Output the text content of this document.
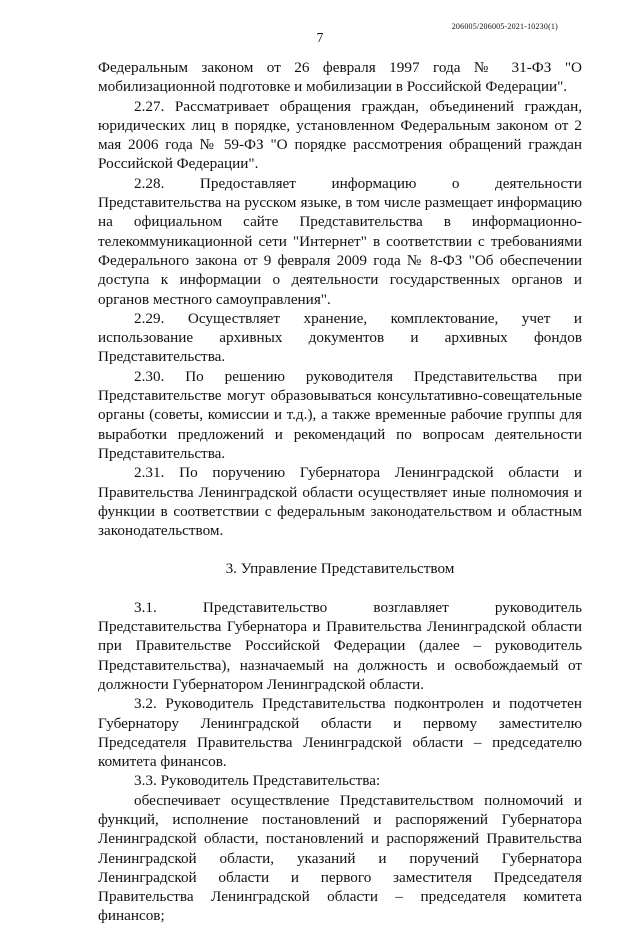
206005/206005-2021-10230(1)
7

Федеральным законом от 26 февраля 1997 года № 31-ФЗ "О мобилизационной подготовке и мобилизации в Российской Федерации".

2.27. Рассматривает обращения граждан, объединений граждан, юридических лиц в порядке, установленном Федеральным законом от 2 мая 2006 года № 59-ФЗ "О порядке рассмотрения обращений граждан Российской Федерации".

2.28. Предоставляет информацию о деятельности Представительства на русском языке, в том числе размещает информацию на официальном сайте Представительства в информационно-телекоммуникационной сети "Интернет" в соответствии с требованиями Федерального закона от 9 февраля 2009 года № 8-ФЗ "Об обеспечении доступа к информации о деятельности государственных органов и органов местного самоуправления".

2.29. Осуществляет хранение, комплектование, учет и использование архивных документов и архивных фондов Представительства.

2.30. По решению руководителя Представительства при Представительстве могут образовываться консультативно-совещательные органы (советы, комиссии и т.д.), а также временные рабочие группы для выработки предложений и рекомендаций по вопросам деятельности Представительства.

2.31. По поручению Губернатора Ленинградской области и Правительства Ленинградской области осуществляет иные полномочия и функции в соответствии с федеральным законодательством и областным законодательством.

3. Управление Представительством

3.1. Представительство возглавляет руководитель Представительства Губернатора и Правительства Ленинградской области при Правительстве Российской Федерации (далее – руководитель Представительства), назначаемый на должность и освобождаемый от должности Губернатором Ленинградской области.

3.2. Руководитель Представительства подконтролен и подотчетен Губернатору Ленинградской области и первому заместителю Председателя Правительства Ленинградской области – председателю комитета финансов.

3.3. Руководитель Представительства:

обеспечивает осуществление Представительством полномочий и функций, исполнение постановлений и распоряжений Губернатора Ленинградской области, постановлений и распоряжений Правительства Ленинградской области, указаний и поручений Губернатора Ленинградской области и первого заместителя Председателя Правительства Ленинградской области – председателя комитета финансов;
